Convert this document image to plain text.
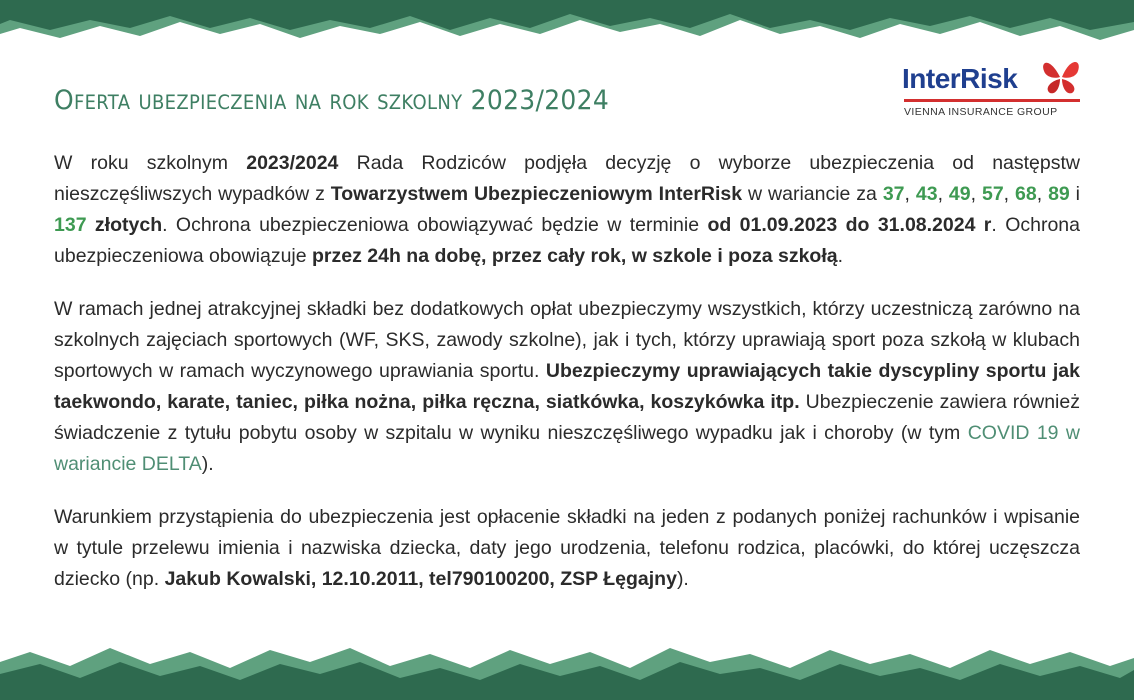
Oferta ubezpieczenia na rok szkolny 2023/2024
InterRisk
VIENNA INSURANCE GROUP

W roku szkolnym 2023/2024 Rada Rodziców podjęła decyzję o wyborze ubezpieczenia od następstw nieszczęśliwszych wypadków z Towarzystwem Ubezpieczeniowym InterRisk w wariancie za 37, 43, 49, 57, 68, 89 i 137 złotych. Ochrona ubezpieczeniowa obowiązywać będzie w terminie od 01.09.2023 do 31.08.2024 r. Ochrona ubezpieczeniowa obowiązuje przez 24h na dobę, przez cały rok, w szkole i poza szkołą.

W ramach jednej atrakcyjnej składki bez dodatkowych opłat ubezpieczymy wszystkich, którzy uczestniczą zarówno na szkolnych zajęciach sportowych (WF, SKS, zawody szkolne), jak i tych, którzy uprawiają sport poza szkołą w klubach sportowych w ramach wyczynowego uprawiania sportu. Ubezpieczymy uprawiających takie dyscypliny sportu jak taekwondo, karate, taniec, piłka nożna, piłka ręczna, siatkówka, koszykówka itp. Ubezpieczenie zawiera również świadczenie z tytułu pobytu osoby w szpitalu w wyniku nieszczęśliwego wypadku jak i choroby (w tym COVID 19 w wariancie DELTA).

Warunkiem przystąpienia do ubezpieczenia jest opłacenie składki na jeden z podanych poniżej rachunków i wpisanie w tytule przelewu imienia i nazwiska dziecka, daty jego urodzenia, telefonu rodzica, placówki, do której uczęszcza dziecko (np. Jakub Kowalski, 12.10.2011, tel790100200, ZSP Łęgajny).
